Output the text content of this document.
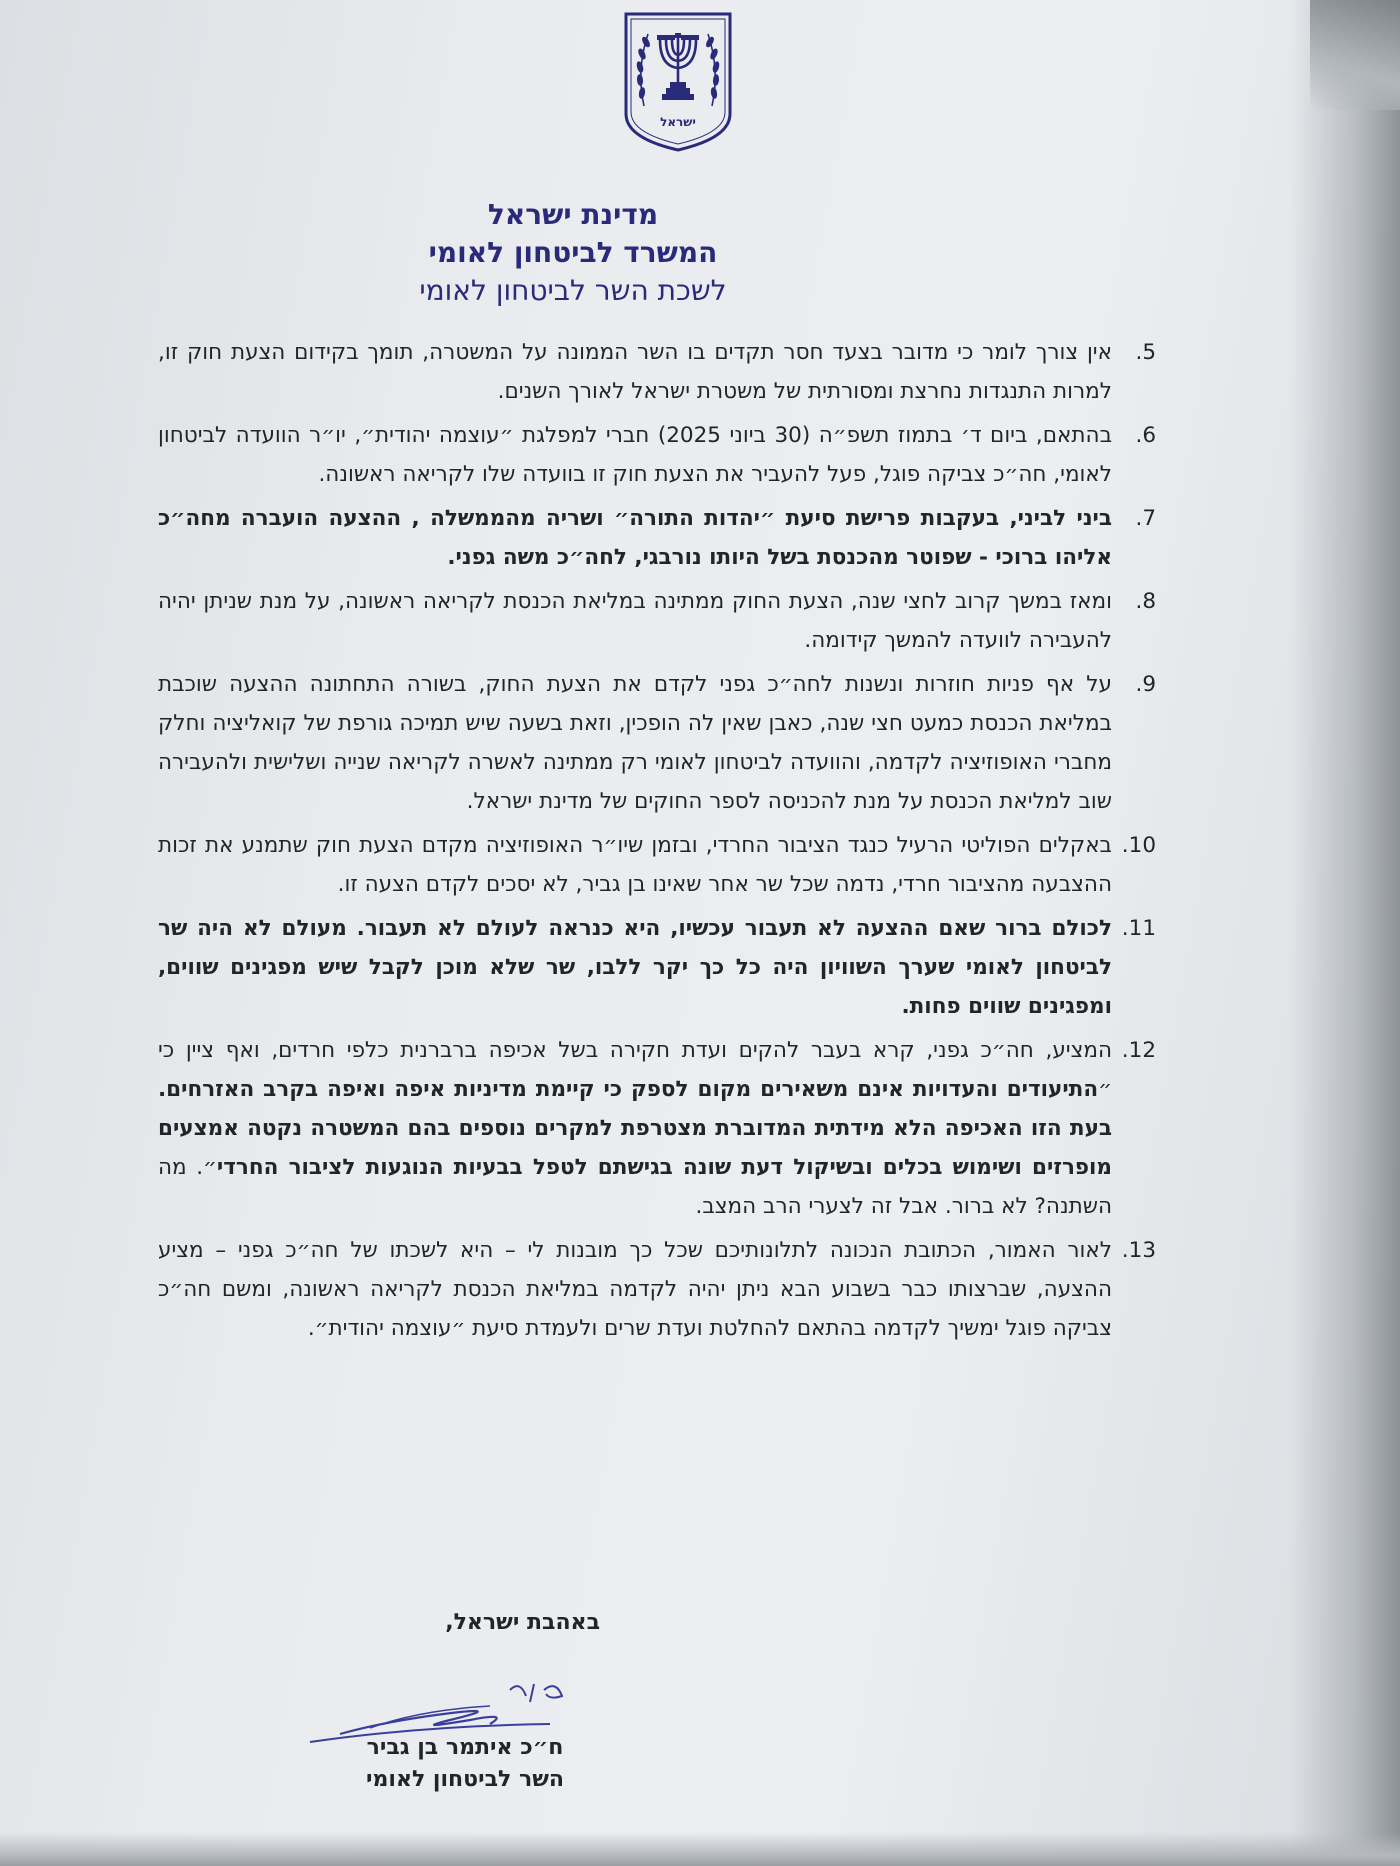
ישראל
מדינת ישראל
המשרד לביטחון לאומי
לשכת השר לביטחון לאומי
5.
אין צורך לומר כי מדובר בצעד חסר תקדים בו השר הממונה על המשטרה, תומך בקידום הצעת חוק זו, למרות התנגדות נחרצת ומסורתית של משטרת ישראל לאורך השנים.
6.
בהתאם, ביום ד׳ בתמוז תשפ״ה (30 ביוני 2025) חברי למפלגת ״עוצמה יהודית״, יו״ר הוועדה לביטחון לאומי, חה״כ צביקה פוגל, פעל להעביר את הצעת חוק זו בוועדה שלו לקריאה ראשונה.
7.
ביני לביני, בעקבות פרישת סיעת ״יהדות התורה״ ושריה מהממשלה , ההצעה הועברה מחה״כ אליהו ברוכי - שפוטר מהכנסת בשל היותו נורבגי, לחה״כ משה גפני.
8.
ומאז במשך קרוב לחצי שנה, הצעת החוק ממתינה במליאת הכנסת לקריאה ראשונה, על מנת שניתן יהיה להעבירה לוועדה להמשך קידומה.
9.
על אף פניות חוזרות ונשנות לחה״כ גפני לקדם את הצעת החוק, בשורה התחתונה ההצעה שוכבת במליאת הכנסת כמעט חצי שנה, כאבן שאין לה הופכין, וזאת בשעה שיש תמיכה גורפת של קואליציה וחלק מחברי האופוזיציה לקדמה, והוועדה לביטחון לאומי רק ממתינה לאשרה לקריאה שנייה ושלישית ולהעבירה שוב למליאת הכנסת על מנת להכניסה לספר החוקים של מדינת ישראל.
10.
באקלים הפוליטי הרעיל כנגד הציבור החרדי, ובזמן שיו״ר האופוזיציה מקדם הצעת חוק שתמנע את זכות ההצבעה מהציבור חרדי, נדמה שכל שר אחר שאינו בן גביר, לא יסכים לקדם הצעה זו.
11.
לכולם ברור שאם ההצעה לא תעבור עכשיו, היא כנראה לעולם לא תעבור. מעולם לא היה שר לביטחון לאומי שערך השוויון היה כל כך יקר ללבו, שר שלא מוכן לקבל שיש מפגינים שווים, ומפגינים שווים פחות.
12.
המציע, חה״כ גפני, קרא בעבר להקים ועדת חקירה בשל אכיפה ברברנית כלפי חרדים, ואף ציין כי ״התיעודים והעדויות אינם משאירים מקום לספק כי קיימת מדיניות איפה ואיפה בקרב האזרחים. בעת הזו האכיפה הלא מידתית המדוברת מצטרפת למקרים נוספים בהם המשטרה נקטה אמצעים מופרזים ושימוש בכלים ובשיקול דעת שונה בגישתם לטפל בבעיות הנוגעות לציבור החרדי״. מה השתנה? לא ברור. אבל זה לצערי הרב המצב.
13.
לאור האמור, הכתובת הנכונה לתלונותיכם שכל כך מובנות לי – היא לשכתו של חה״כ גפני – מציע ההצעה, שברצותו כבר בשבוע הבא ניתן יהיה לקדמה במליאת הכנסת לקריאה ראשונה, ומשם חה״כ צביקה פוגל ימשיך לקדמה בהתאם להחלטת ועדת שרים ולעמדת סיעת ״עוצמה יהודית״.
באהבת ישראל,
ח״כ איתמר בן גביר
השר לביטחון לאומי
